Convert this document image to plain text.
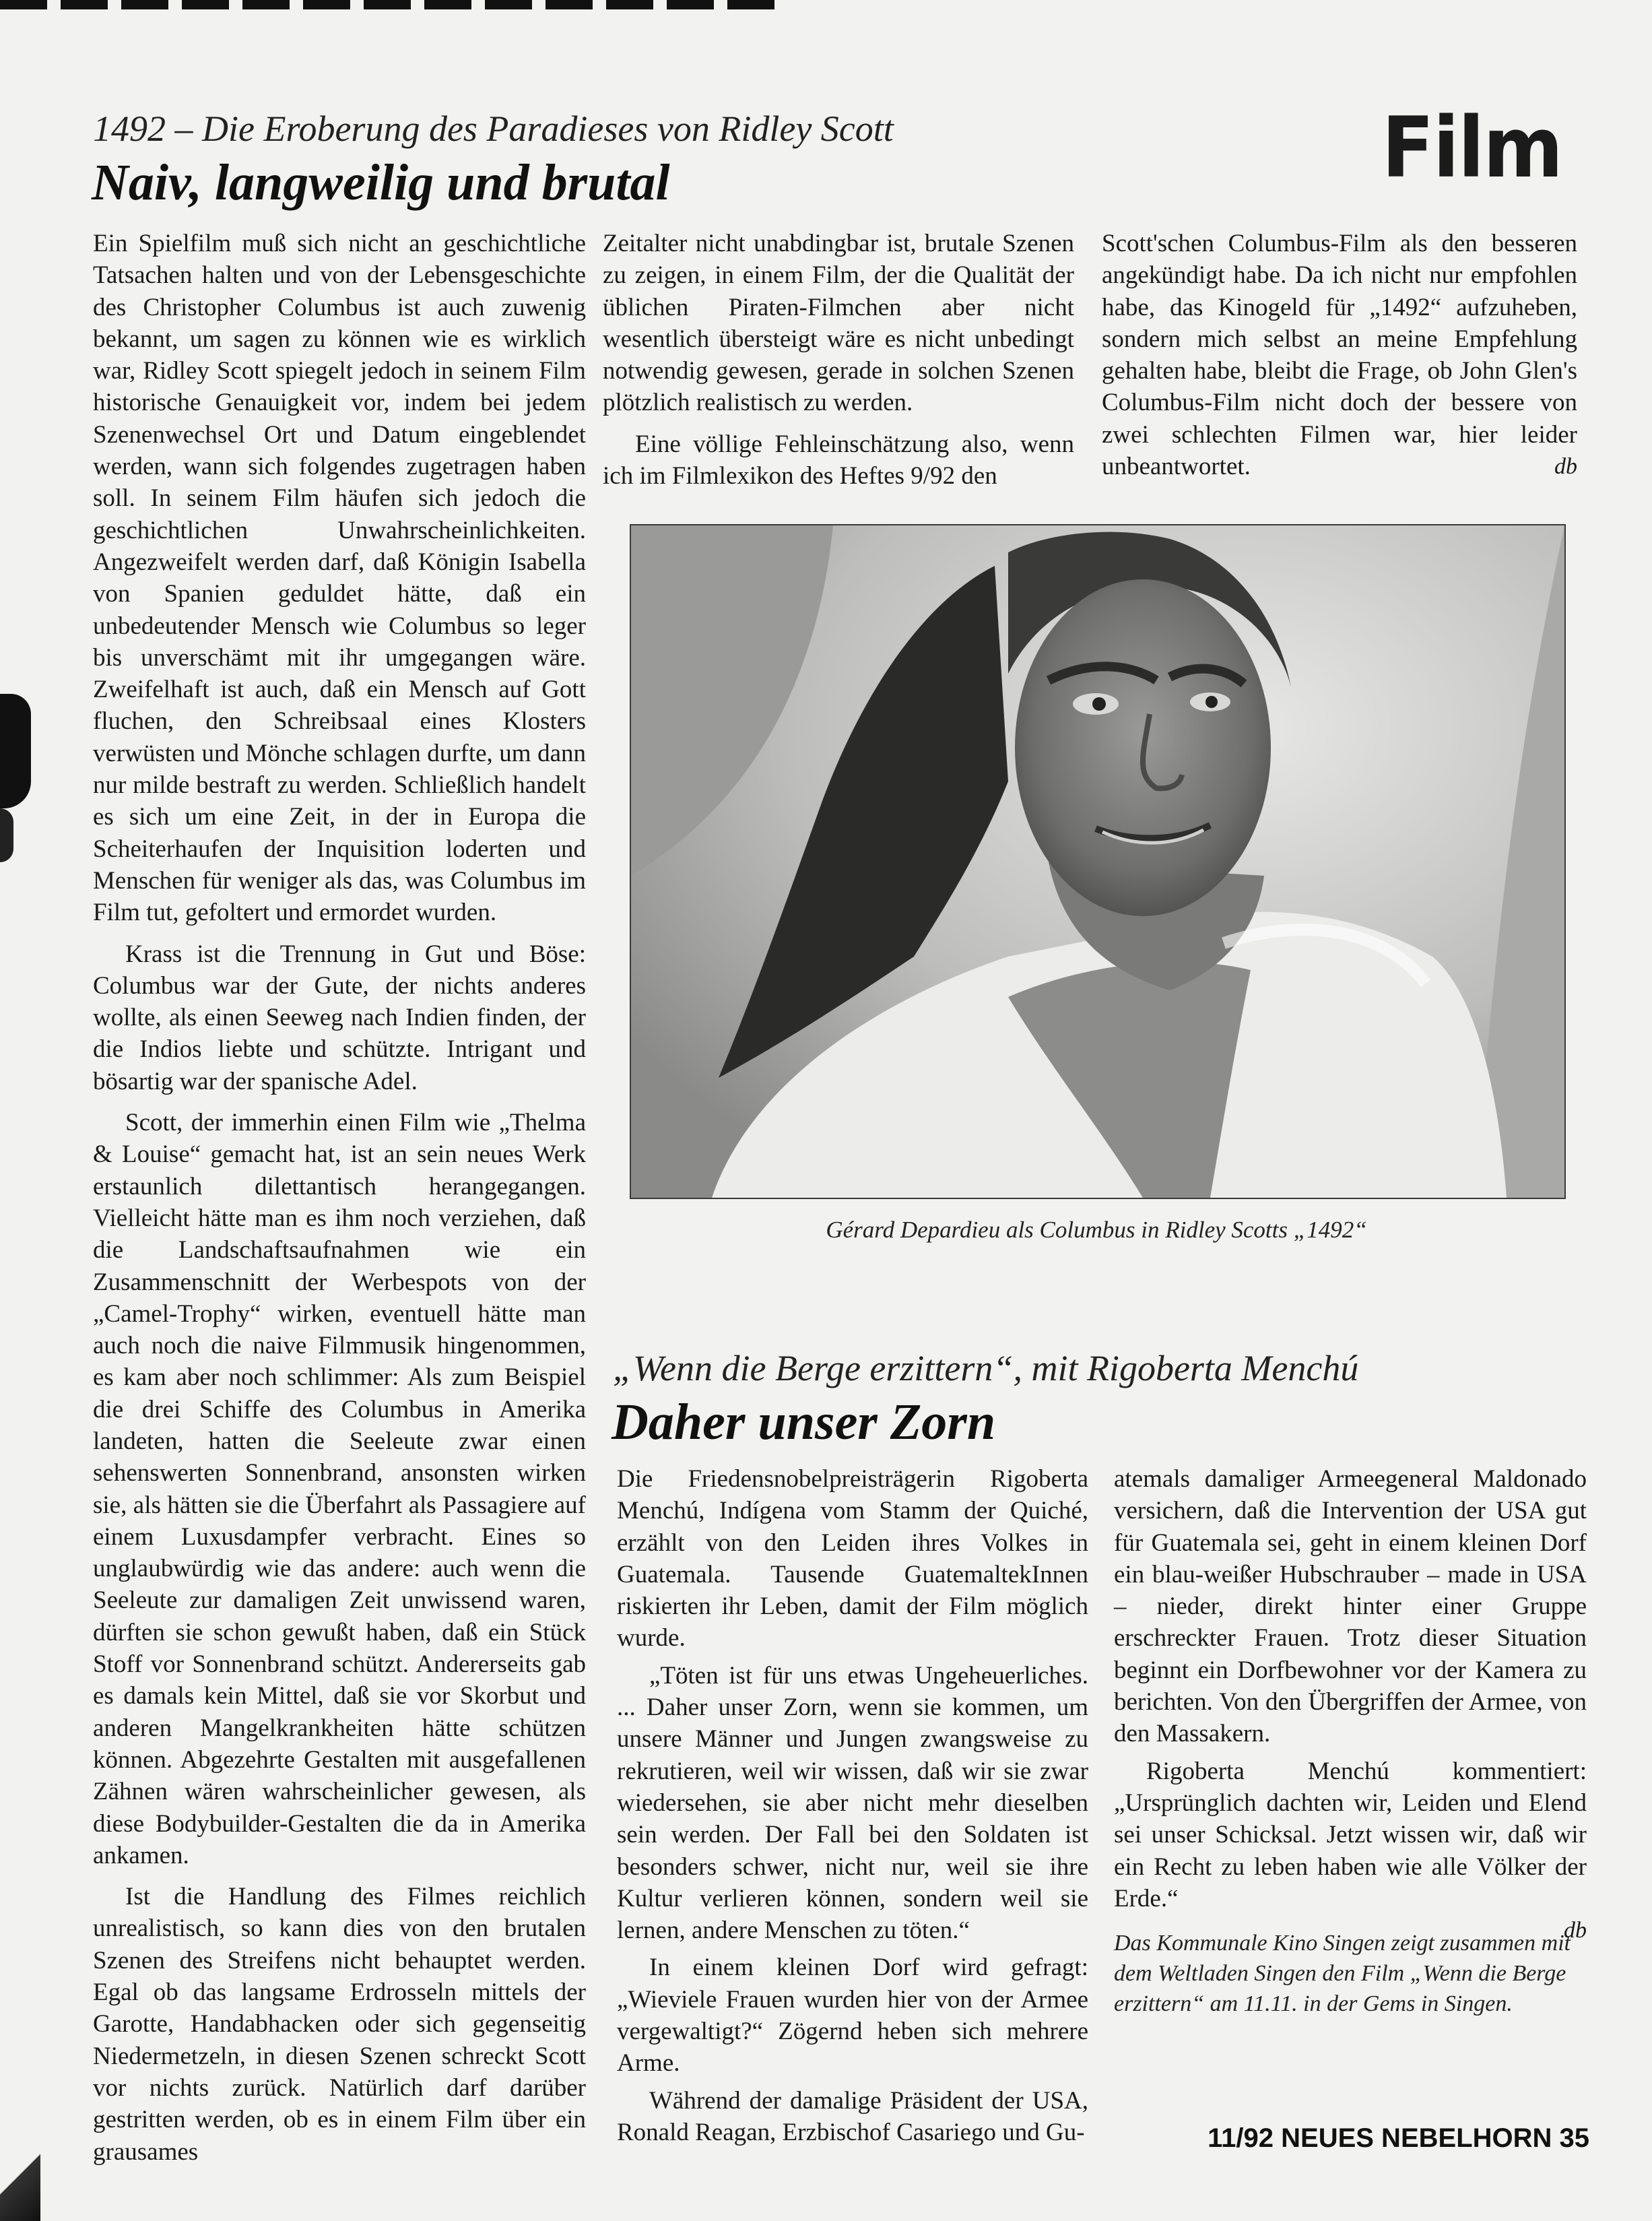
1492 – Die Eroberung des Paradieses von Ridley Scott
Naiv, langweilig und brutal	Film

Ein Spielfilm muß sich nicht an geschichtliche Tatsachen halten und von der Lebensgeschichte des Christopher Columbus ist auch zuwenig bekannt, um sagen zu können wie es wirklich war, Ridley Scott spiegelt jedoch in seinem Film historische Genauigkeit vor, indem bei jedem Szenenwechsel Ort und Datum eingeblendet werden, wann sich folgendes zugetragen haben soll. In seinem Film häufen sich jedoch die geschichtlichen Unwahrscheinlichkeiten. Angezweifelt werden darf, daß Königin Isabella von Spanien geduldet hätte, daß ein unbedeutender Mensch wie Columbus so leger bis unverschämt mit ihr umgegangen wäre. Zweifelhaft ist auch, daß ein Mensch auf Gott fluchen, den Schreibsaal eines Klosters verwüsten und Mönche schlagen durfte, um dann nur milde bestraft zu werden. Schließlich handelt es sich um eine Zeit, in der in Europa die Scheiterhaufen der Inquisition loderten und Menschen für weniger als das, was Columbus im Film tut, gefoltert und ermordet wurden.

Krass ist die Trennung in Gut und Böse: Columbus war der Gute, der nichts anderes wollte, als einen Seeweg nach Indien finden, der die Indios liebte und schützte. Intrigant und bösartig war der spanische Adel.

Scott, der immerhin einen Film wie „Thelma & Louise“ gemacht hat, ist an sein neues Werk erstaunlich dilettantisch herangegangen. Vielleicht hätte man es ihm noch verziehen, daß die Landschaftsaufnahmen wie ein Zusammenschnitt der Werbespots von der „Camel-Trophy“ wirken, eventuell hätte man auch noch die naive Filmmusik hingenommen, es kam aber noch schlimmer: Als zum Beispiel die drei Schiffe des Columbus in Amerika landeten, hatten die Seeleute zwar einen sehenswerten Sonnenbrand, ansonsten wirken sie, als hätten sie die Überfahrt als Passagiere auf einem Luxusdampfer verbracht. Eines so unglaubwürdig wie das andere: auch wenn die Seeleute zur damaligen Zeit unwissend waren, dürften sie schon gewußt haben, daß ein Stück Stoff vor Sonnenbrand schützt. Andererseits gab es damals kein Mittel, daß sie vor Skorbut und anderen Mangelkrankheiten hätte schützen können. Abgezehrte Gestalten mit ausgefallenen Zähnen wären wahrscheinlicher gewesen, als diese Bodybuilder-Gestalten die da in Amerika ankamen.

Ist die Handlung des Filmes reichlich unrealistisch, so kann dies von den brutalen Szenen des Streifens nicht behauptet werden. Egal ob das langsame Erdrosseln mittels der Garotte, Handabhacken oder sich gegenseitig Niedermetzeln, in diesen Szenen schreckt Scott vor nichts zurück. Natürlich darf darüber gestritten werden, ob es in einem Film über ein grausames

Zeitalter nicht unabdingbar ist, brutale Szenen zu zeigen, in einem Film, der die Qualität der üblichen Piraten-Filmchen aber nicht wesentlich übersteigt wäre es nicht unbedingt notwendig gewesen, gerade in solchen Szenen plötzlich realistisch zu werden.

Eine völlige Fehleinschätzung also, wenn ich im Filmlexikon des Heftes 9/92 den

Scott'schen Columbus-Film als den besseren angekündigt habe. Da ich nicht nur empfohlen habe, das Kinogeld für „1492“ aufzuheben, sondern mich selbst an meine Empfehlung gehalten habe, bleibt die Frage, ob John Glen's Columbus-Film nicht doch der bessere von zwei schlechten Filmen war, hier leider unbeantwortet.	db
Gérard Depardieu als Columbus in Ridley Scotts „1492“
„Wenn die Berge erzittern“, mit Rigoberta Menchú
Daher unser Zorn

Die Friedensnobelpreisträgerin Rigoberta Menchú, Indígena vom Stamm der Quiché, erzählt von den Leiden ihres Volkes in Guatemala. Tausende GuatemaltekInnen riskierten ihr Leben, damit der Film möglich wurde.

„Töten ist für uns etwas Ungeheuerliches. ... Daher unser Zorn, wenn sie kommen, um unsere Männer und Jungen zwangsweise zu rekrutieren, weil wir wissen, daß wir sie zwar wiedersehen, sie aber nicht mehr dieselben sein werden. Der Fall bei den Soldaten ist besonders schwer, nicht nur, weil sie ihre Kultur verlieren können, sondern weil sie lernen, andere Menschen zu töten.“

In einem kleinen Dorf wird gefragt: „Wieviele Frauen wurden hier von der Armee vergewaltigt?“ Zögernd heben sich mehrere Arme.

Während der damalige Präsident der USA, Ronald Reagan, Erzbischof Casariego und Gu-

atemals damaliger Armeegeneral Maldonado versichern, daß die Intervention der USA gut für Guatemala sei, geht in einem kleinen Dorf ein blau-weißer Hubschrauber – made in USA – nieder, direkt hinter einer Gruppe erschreckter Frauen. Trotz dieser Situation beginnt ein Dorfbewohner vor der Kamera zu berichten. Von den Übergriffen der Armee, von den Massakern.

Rigoberta Menchú kommentiert: „Ursprünglich dachten wir, Leiden und Elend sei unser Schicksal. Jetzt wissen wir, daß wir ein Recht zu leben haben wie alle Völker der Erde.“

db
Das Kommunale Kino Singen zeigt zusammen mit dem Weltladen Singen den Film „Wenn die Berge erzittern“ am 11.11. in der Gems in Singen.
11/92 NEUES NEBELHORN 35
